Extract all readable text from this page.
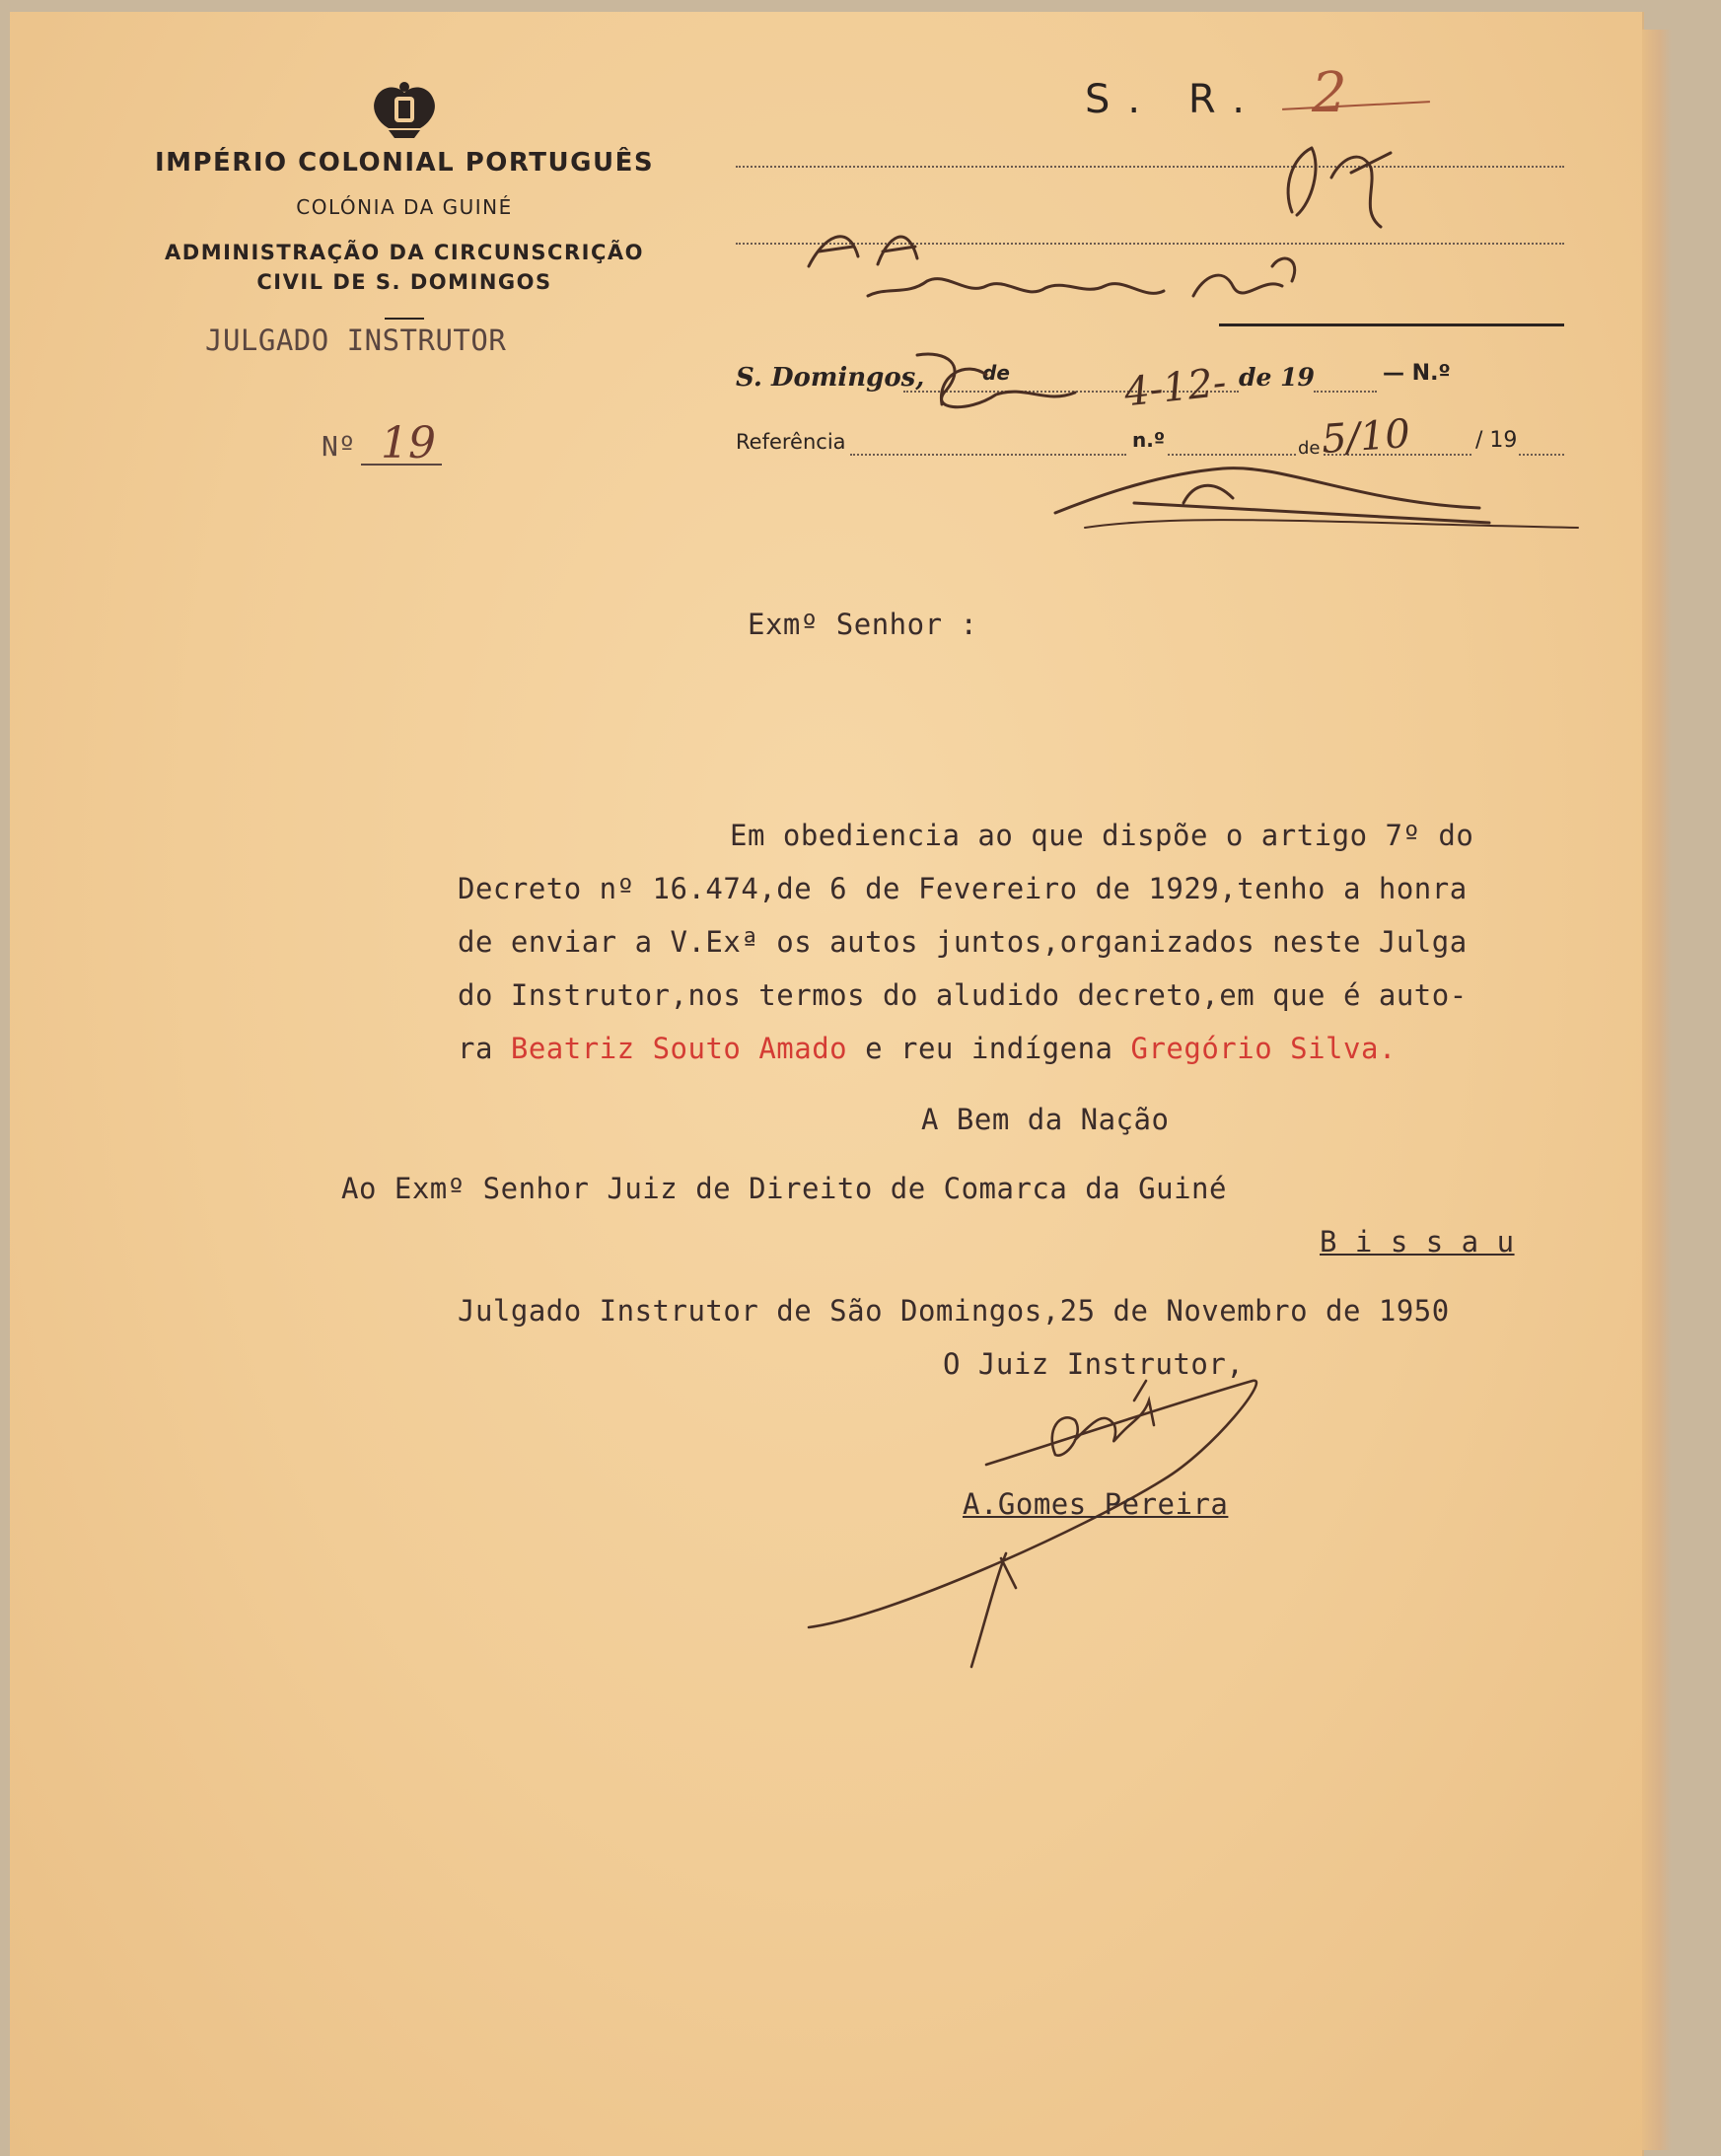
IMPÉRIO COLONIAL PORTUGUÊS
COLÓNIA DA GUINÉ
ADMINISTRAÇÃO DA CIRCUNSCRIÇÃO
CIVIL DE S. DOMINGOS
JULGADO INSTRUTOR
Nº 19
S. R. 2
S. Domingos,	de	de 19	— N.º
Referência	n.º	de	/ 19
4-12-
5/10
Exmº Senhor :
Em obediencia ao que dispõe o artigo 7º do
Decreto nº 16.474,de 6 de Fevereiro de 1929,tenho a honra
de enviar a V.Exª os autos juntos,organizados neste Julga
do Instrutor,nos termos do aludido decreto,em que é auto-
ra Beatriz Souto Amado e reu indígena Gregório Silva.
A Bem da Nação
Ao Exmº Senhor Juiz de Direito de Comarca da Guiné
B i s s a u
Julgado Instrutor de São Domingos,25 de Novembro de 1950
O Juiz Instrutor,
A.Gomes Pereira
